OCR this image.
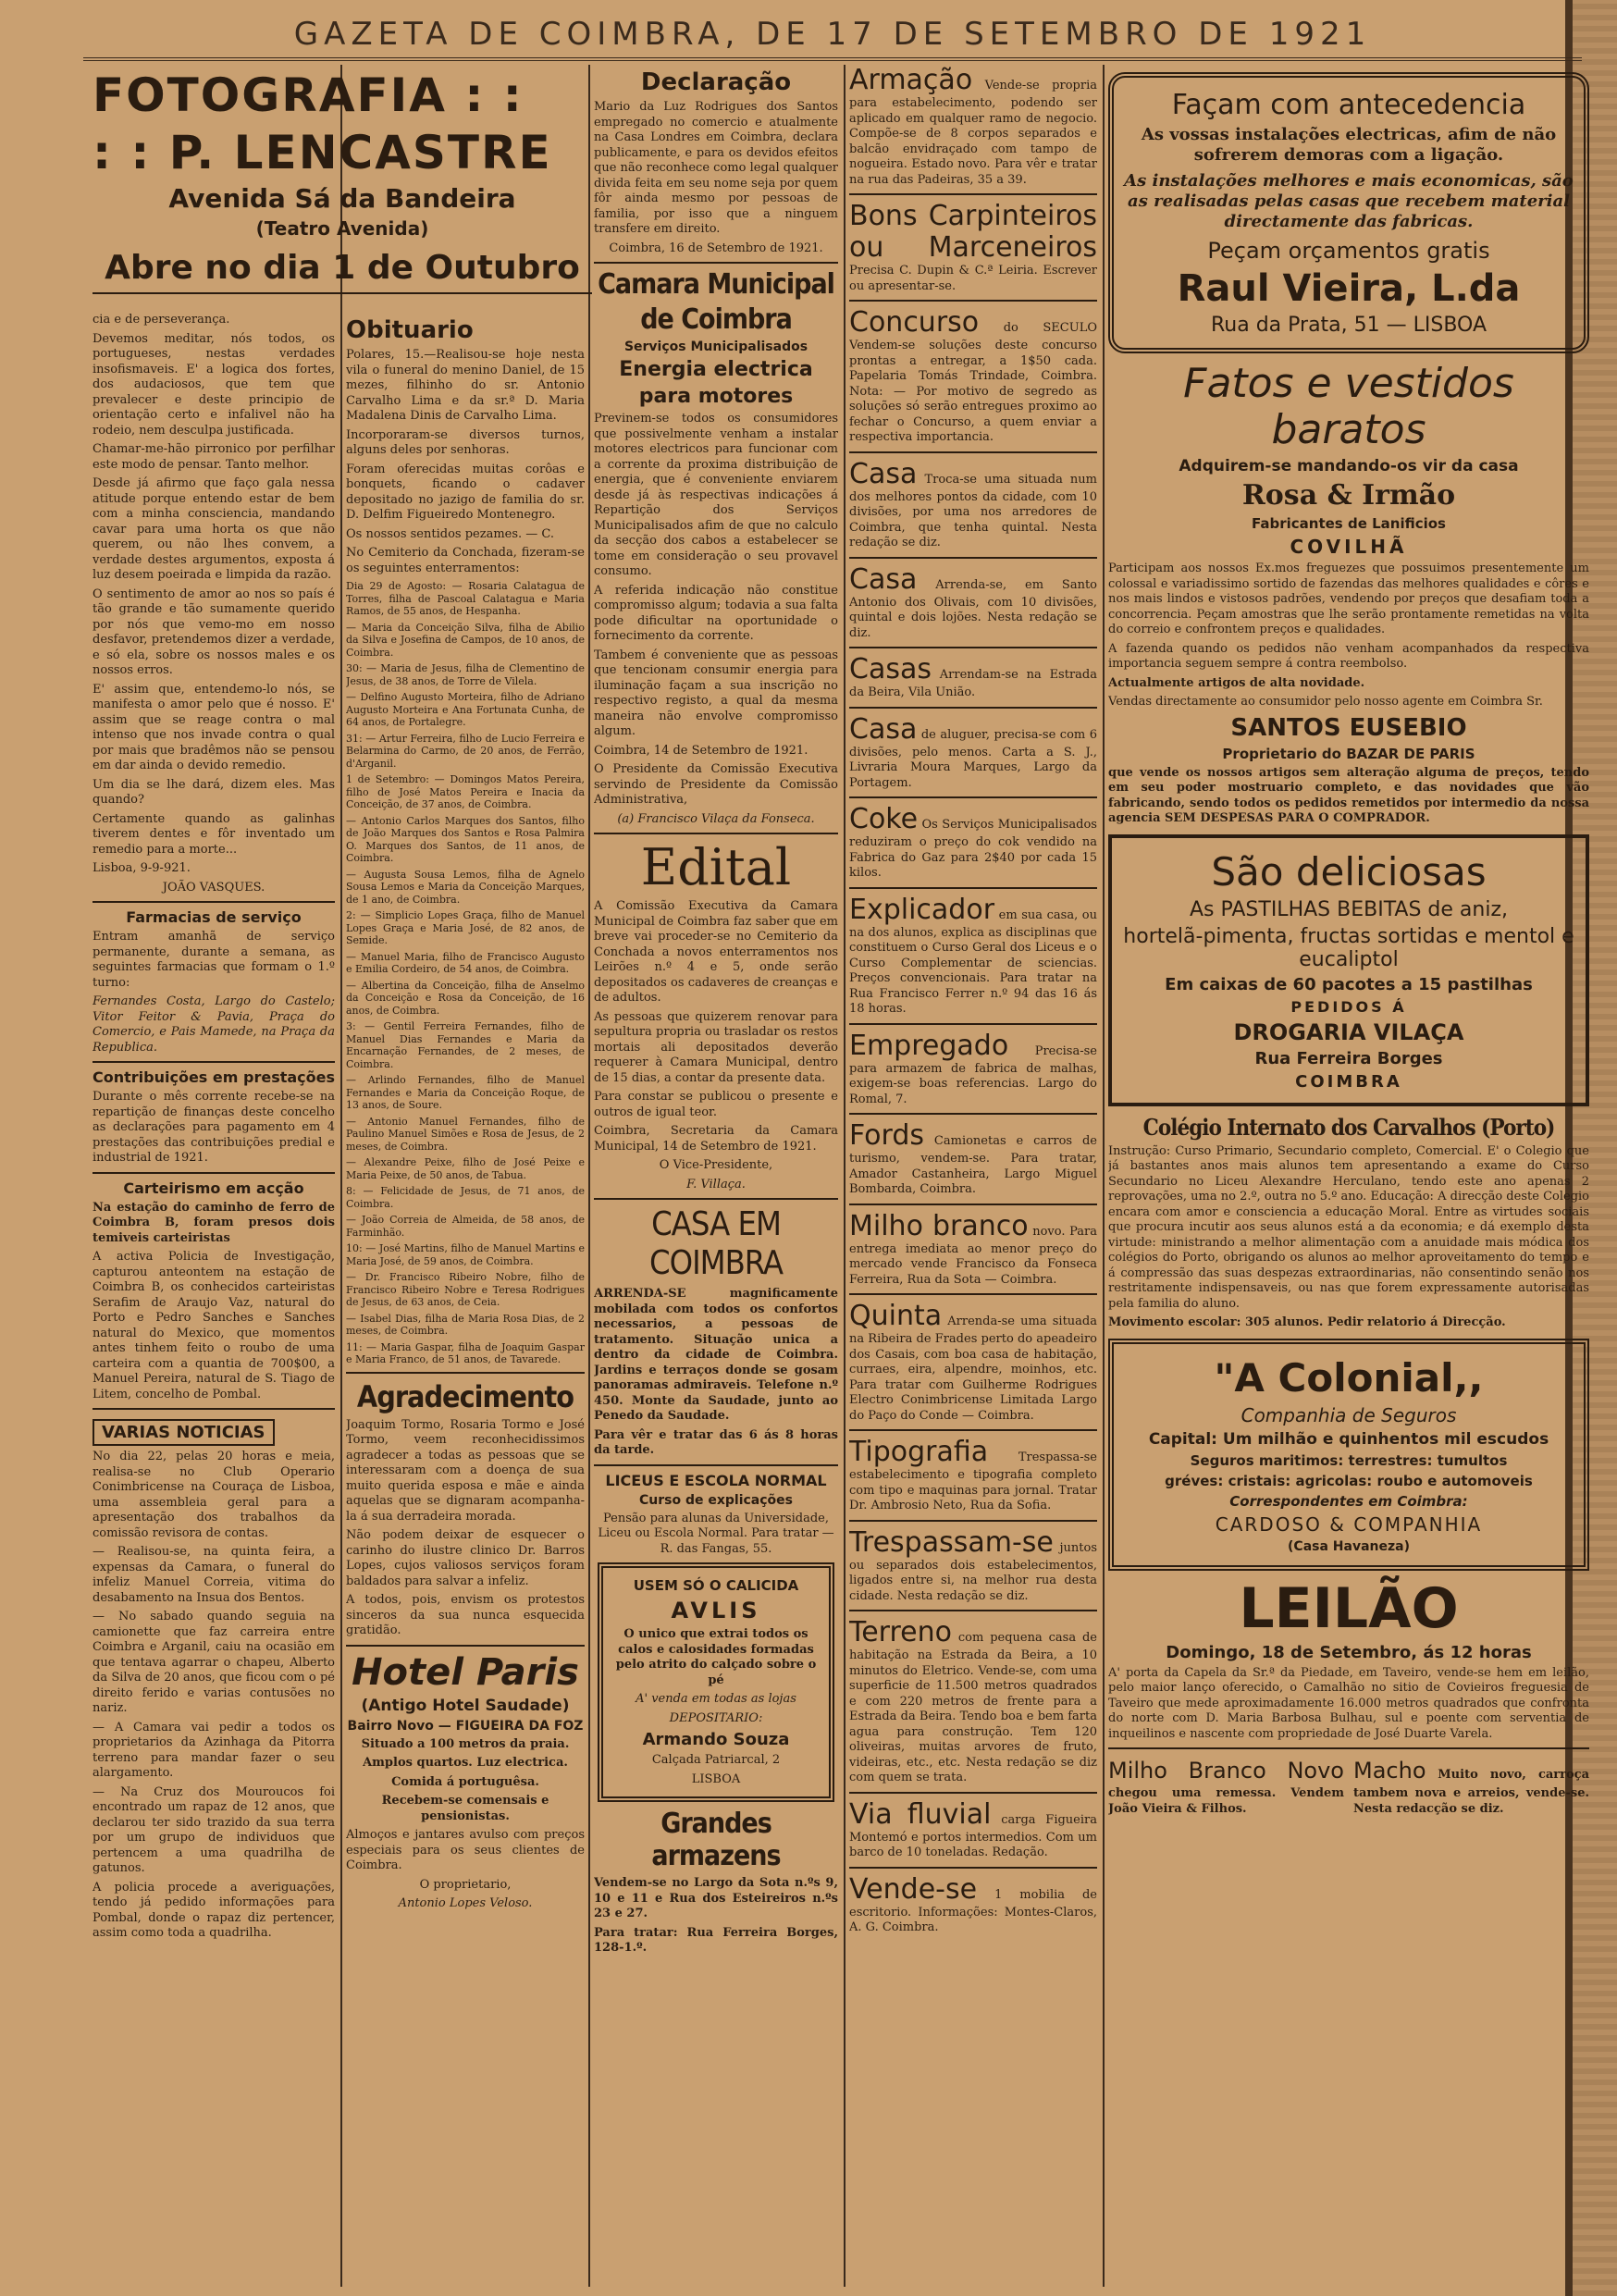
GAZETA DE COIMBRA, DE 17 DE SETEMBRO DE 1921
FOTOGRAFIA : :
: : P. LENCASTRE
Avenida Sá da Bandeira
(Teatro Avenida)
Abre no dia 1 de Outubro

cia e de perseverança.

Devemos meditar, nós todos, os portugueses, nestas verdades insofismaveis. E' a logica dos fortes, dos audaciosos, que tem que prevalecer e deste principio de orientação certo e infalivel não ha rodeio, nem desculpa justificada.

Chamar-me-hão pirronico por perfilhar este modo de pensar. Tanto melhor.

Desde já afirmo que faço gala nessa atitude porque entendo estar de bem com a minha consciencia, mandando cavar para uma horta os que não querem, ou não lhes convem, a verdade destes argumentos, exposta á luz desem poeirada e limpida da razão.

O sentimento de amor ao nos so país é tão grande e tão sumamente querido por nós que vemo-mo em nosso desfavor, pretendemos dizer a verdade, e só ela, sobre os nossos males e os nossos erros.

E' assim que, entendemo-lo nós, se manifesta o amor pelo que é nosso. E' assim que se reage contra o mal intenso que nos invade contra o qual por mais que bradêmos não se pensou em dar ainda o devido remedio.

Um dia se lhe dará, dizem eles. Mas quando?

Certamente quando as galinhas tiverem dentes e fôr inventado um remedio para a morte...

Lisboa, 9-9-921.

JOÃO VASQUES.

Farmacias de serviço

Entram amanhã de serviço permanente, durante a semana, as seguintes farmacias que formam o 1.º turno:

Fernandes Costa, Largo do Castelo; Vitor Feitor & Pavia, Praça do Comercio, e Pais Mamede, na Praça da Republica.

Contribuições em prestações

Durante o mês corrente recebe-se na repartição de finanças deste concelho as declarações para pagamento em 4 prestações das contribuições predial e industrial de 1921.

Carteirismo em acção

Na estação do caminho de ferro de Coimbra B, foram presos dois temiveis carteiristas

A activa Policia de Investigação, capturou anteontem na estação de Coimbra B, os conhecidos carteiristas Serafim de Araujo Vaz, natural do Porto e Pedro Sanches e Sanches natural do Mexico, que momentos antes tinhem feito o roubo de uma carteira com a quantia de 700$00, a Manuel Pereira, natural de S. Tiago de Litem, concelho de Pombal.

VARIAS NOTICIAS

No dia 22, pelas 20 horas e meia, realisa-se no Club Operario Conimbricense na Couraça de Lisboa, uma assembleia geral para a apresentação dos trabalhos da comissão revisora de contas.

— Realisou-se, na quinta feira, a expensas da Camara, o funeral do infeliz Manuel Correia, vitima do desabamento na Insua dos Bentos.

— No sabado quando seguia na camionette que faz carreira entre Coimbra e Arganil, caiu na ocasião em que tentava agarrar o chapeu, Alberto da Silva de 20 anos, que ficou com o pé direito ferido e varias contusões no nariz.

— A Camara vai pedir a todos os proprietarios da Azinhaga da Pitorra terreno para mandar fazer o seu alargamento.

— Na Cruz dos Mouroucos foi encontrado um rapaz de 12 anos, que declarou ter sido trazido da sua terra por um grupo de individuos que pertencem a uma quadrilha de gatunos.

A policia procede a averiguações, tendo já pedido informações para Pombal, donde o rapaz diz pertencer, assim como toda a quadrilha.

Obituario

Polares, 15.—Realisou-se hoje nesta vila o funeral do menino Daniel, de 15 mezes, filhinho do sr. Antonio Carvalho Lima e da sr.ª D. Maria Madalena Dinis de Carvalho Lima.

Incorporaram-se diversos turnos, alguns deles por senhoras.

Foram oferecidas muitas corôas e bonquets, ficando o cadaver depositado no jazigo de familia do sr. D. Delfim Figueiredo Montenegro.

Os nossos sentidos pezames. — C.

No Cemiterio da Conchada, fizeram-se os seguintes enterramentos:

Dia 29 de Agosto: — Rosaria Calatagua de Torres, filha de Pascoal Calatagua e Maria Ramos, de 55 anos, de Hespanha.

— Maria da Conceição Silva, filha de Abilio da Silva e Josefina de Campos, de 10 anos, de Coimbra.

30: — Maria de Jesus, filha de Clementino de Jesus, de 38 anos, de Torre de Vilela.

— Delfino Augusto Morteira, filho de Adriano Augusto Morteira e Ana Fortunata Cunha, de 64 anos, de Portalegre.

31: — Artur Ferreira, filho de Lucio Ferreira e Belarmina do Carmo, de 20 anos, de Ferrão, d'Arganil.

1 de Setembro: — Domingos Matos Pereira, filho de José Matos Pereira e Inacia da Conceição, de 37 anos, de Coimbra.

— Antonio Carlos Marques dos Santos, filho de João Marques dos Santos e Rosa Palmira O. Marques dos Santos, de 11 anos, de Coimbra.

— Augusta Sousa Lemos, filha de Agnelo Sousa Lemos e Maria da Conceição Marques, de 1 ano, de Coimbra.

2: — Simplicio Lopes Graça, filho de Manuel Lopes Graça e Maria José, de 82 anos, de Semide.

— Manuel Maria, filho de Francisco Augusto e Emilia Cordeiro, de 54 anos, de Coimbra.

— Albertina da Conceição, filha de Anselmo da Conceição e Rosa da Conceição, de 16 anos, de Coimbra.

3: — Gentil Ferreira Fernandes, filho de Manuel Dias Fernandes e Maria da Encarnação Fernandes, de 2 meses, de Coimbra.

— Arlindo Fernandes, filho de Manuel Fernandes e Maria da Conceição Roque, de 13 anos, de Soure.

— Antonio Manuel Fernandes, filho de Paulino Manuel Simões e Rosa de Jesus, de 2 meses, de Coimbra.

— Alexandre Peixe, filho de José Peixe e Maria Peixe, de 50 anos, de Tabua.

8: — Felicidade de Jesus, de 71 anos, de Coimbra.

— João Correia de Almeida, de 58 anos, de Farminhão.

10: — José Martins, filho de Manuel Martins e Maria José, de 59 anos, de Coimbra.

— Dr. Francisco Ribeiro Nobre, filho de Francisco Ribeiro Nobre e Teresa Rodrigues de Jesus, de 63 anos, de Ceia.

— Isabel Dias, filha de Maria Rosa Dias, de 2 meses, de Coimbra.

11: — Maria Gaspar, filha de Joaquim Gaspar e Maria Franco, de 51 anos, de Tavarede.

Agradecimento

Joaquim Tormo, Rosaria Tormo e José Tormo, veem reconhecidissimos agradecer a todas as pessoas que se interessaram com a doença de sua muito querida esposa e mãe e ainda aquelas que se dignaram acompanha-la á sua derradeira morada.

Não podem deixar de esquecer o carinho do ilustre clinico Dr. Barros Lopes, cujos valiosos serviços foram baldados para salvar a infeliz.

A todos, pois, envism os protestos sinceros da sua nunca esquecida gratidão.

Hotel Paris
(Antigo Hotel Saudade)
Bairro Novo — FIGUEIRA DA FOZ

Situado a 100 metros da praia.

Amplos quartos. Luz electrica.

Comida á portuguêsa.

Recebem-se comensais e pensionistas.

Almoços e jantares avulso com preços especiais para os seus clientes de Coimbra.

O proprietario,

Antonio Lopes Veloso.

Declaração

Mario da Luz Rodrigues dos Santos empregado no comercio e atualmente na Casa Londres em Coimbra, declara publicamente, e para os devidos efeitos que não reconhece como legal qualquer divida feita em seu nome seja por quem fôr ainda mesmo por pessoas de familia, por isso que a ninguem transfere em direito.

Coimbra, 16 de Setembro de 1921.

Camara Municipal
de Coimbra
Serviços Municipalisados
Energia electrica
para motores

Previnem-se todos os consumidores que possivelmente venham a instalar motores electricos para funcionar com a corrente da proxima distribuição de energia, que é conveniente enviarem desde já às respectivas indicações á Repartição dos Serviços Municipalisados afim de que no calculo da secção dos cabos a estabelecer se tome em consideração o seu provavel consumo.

A referida indicação não constitue compromisso algum; todavia a sua falta pode dificultar na oportunidade o fornecimento da corrente.

Tambem é conveniente que as pessoas que tencionam consumir energia para iluminação façam a sua inscrição no respectivo registo, a qual da mesma maneira não envolve compromisso algum.

Coimbra, 14 de Setembro de 1921.

O Presidente da Comissão Executiva servindo de Presidente da Comissão Administrativa,

(a) Francisco Vilaça da Fonseca.

Edital

A Comissão Executiva da Camara Municipal de Coimbra faz saber que em breve vai proceder-se no Cemiterio da Conchada a novos enterramentos nos Leirões n.º 4 e 5, onde serão depositados os cadaveres de creanças e de adultos.

As pessoas que quizerem renovar para sepultura propria ou trasladar os restos mortais ali depositados deverão requerer à Camara Municipal, dentro de 15 dias, a contar da presente data.

Para constar se publicou o presente e outros de igual teor.

Coimbra, Secretaria da Camara Municipal, 14 de Setembro de 1921.

O Vice-Presidente,

F. Villaça.

CASA EM COIMBRA

ARRENDA-SE magnificamente mobilada com todos os confortos necessarios, a pessoas de tratamento. Situação unica a dentro da cidade de Coimbra. Jardins e terraços donde se gosam panoramas admiraveis. Telefone n.º 450. Monte da Saudade, junto ao Penedo da Saudade.

Para vêr e tratar das 6 ás 8 horas da tarde.

LICEUS E ESCOLA NORMAL
Curso de explicações

Pensão para alunas da Universidade, Liceu ou Escola Normal. Para tratar — R. das Fangas, 55.

USEM SÓ O CALICIDA
AVLIS

O unico que extrai todos os calos e calosidades formadas pelo atrito do calçado sobre o pé

A' venda em todas as lojas

DEPOSITARIO:

Armando Souza

Calçada Patriarcal, 2

LISBOA

Grandes armazens

Vendem-se no Largo da Sota n.ºs 9, 10 e 11 e Rua dos Esteireiros n.ºs 23 e 27.

Para tratar: Rua Ferreira Borges, 128-1.º.

Armação Vende-se propria para estabelecimento, podendo ser aplicado em qualquer ramo de negocio. Compõe-se de 8 corpos separados e balcão envidraçado com tampo de nogueira. Estado novo. Para vêr e tratar na rua das Padeiras, 35 a 39.

Bons Carpinteiros ou Marceneiros Precisa C. Dupin & C.ª Leiria. Escrever ou apresentar-se.

Concurso do SECULO Vendem-se soluções deste concurso prontas a entregar, a 1$50 cada. Papelaria Tomás Trindade, Coimbra. Nota: — Por motivo de segredo as soluções só serão entregues proximo ao fechar o Concurso, a quem enviar a respectiva importancia.

Casa Troca-se uma situada num dos melhores pontos da cidade, com 10 divisões, por uma nos arredores de Coimbra, que tenha quintal. Nesta redação se diz.

Casa Arrenda-se, em Santo Antonio dos Olivais, com 10 divisões, quintal e dois lojões. Nesta redação se diz.

Casas Arrendam-se na Estrada da Beira, Vila União.

Casa de aluguer, precisa-se com 6 divisões, pelo menos. Carta a S. J., Livraria Moura Marques, Largo da Portagem.

Coke Os Serviços Municipalisados reduziram o preço do cok vendido na Fabrica do Gaz para 2$40 por cada 15 kilos.

Explicador em sua casa, ou na dos alunos, explica as disciplinas que constituem o Curso Geral dos Liceus e o Curso Complementar de sciencias. Preços convencionais. Para tratar na Rua Francisco Ferrer n.º 94 das 16 ás 18 horas.

Empregado Precisa-se para armazem de fabrica de malhas, exigem-se boas referencias. Largo do Romal, 7.

Fords Camionetas e carros de turismo, vendem-se. Para tratar, Amador Castanheira, Largo Miguel Bombarda, Coimbra.

Milho branco novo. Para entrega imediata ao menor preço do mercado vende Francisco da Fonseca Ferreira, Rua da Sota — Coimbra.

Quinta Arrenda-se uma situada na Ribeira de Frades perto do apeadeiro dos Casais, com boa casa de habitação, curraes, eira, alpendre, moinhos, etc. Para tratar com Guilherme Rodrigues Electro Conimbricense Limitada Largo do Paço do Conde — Coimbra.

Tipografia	Trespassa-se estabelecimento e tipografia completo com tipo e maquinas para jornal. Tratar Dr. Ambrosio Neto, Rua da Sofia.

Trespassam-se juntos ou separados dois estabelecimentos, ligados entre si, na melhor rua desta cidade. Nesta redação se diz.

Terreno com pequena casa de habitação na Estrada da Beira, a 10 minutos do Eletrico. Vende-se, com uma superficie de 11.500 metros quadrados e com 220 metros de frente para a Estrada da Beira. Tendo boa e bem farta agua para construção. Tem 120 oliveiras, muitas arvores de fruto, videiras, etc., etc. Nesta redação se diz com quem se trata.

Via fluvial carga Figueira Montemó e portos intermedios. Com um barco de 10 toneladas. Redação.

Vende-se 1 mobilia de escritorio. Informações: Montes-Claros, A. G. Coimbra.

Façam com antecedencia

As vossas instalações electricas, afim de não sofrerem demoras com a ligação.

As instalações melhores e mais economicas, são as realisadas pelas casas que recebem material directamente das fabricas.

Peçam orçamentos gratis
Raul Vieira, L.da
Rua da Prata, 51 — LISBOA
Fatos e vestidos baratos
Adquirem-se mandando-os vir da casa
Rosa & Irmão
Fabricantes de Lanificios
COVILHÃ

Participam aos nossos Ex.mos freguezes que possuimos presentemente um colossal e variadissimo sortido de fazendas das melhores qualidades e côres e nos mais lindos e vistosos padrões, vendendo por preços que desafiam toda a concorrencia. Peçam amostras que lhe serão prontamente remetidas na volta do correio e confrontem preços e qualidades.

A fazenda quando os pedidos não venham acompanhados da respectiva importancia seguem sempre á contra reembolso.

Actualmente artigos de alta novidade.

Vendas directamente ao consumidor pelo nosso agente em Coimbra Sr.

SANTOS EUSEBIO
Proprietario do BAZAR DE PARIS

que vende os nossos artigos sem alteração alguma de preços, tendo em seu poder mostruario completo, e das novidades que vão fabricando, sendo todos os pedidos remetidos por intermedio da nossa agencia SEM DESPESAS PARA O COMPRADOR.

São deliciosas
As PASTILHAS BEBITAS de aniz,
hortelã-pimenta, fructas sortidas e mentol e eucaliptol
Em caixas de 60 pacotes a 15 pastilhas
PEDIDOS Á
DROGARIA VILAÇA
Rua Ferreira Borges
COIMBRA
Colégio Internato dos Carvalhos (Porto)

Instrução: Curso Primario, Secundario completo, Comercial. E' o Colegio que já bastantes anos mais alunos tem apresentando a exame do Curso Secundario no Liceu Alexandre Herculano, tendo este ano apenas 2 reprovações, uma no 2.º, outra no 5.º ano. Educação: A direcção deste Colegio encara com amor e consciencia a educação Moral. Entre as virtudes sociais que procura incutir aos seus alunos está a da economia; e dá exemplo desta virtude: ministrando a melhor alimentação com a anuidade mais módica dos colégios do Porto, obrigando os alunos ao melhor aproveitamento do tempo e á compressão das suas despezas extraordinarias, não consentindo senão nos restritamente indispensaveis, ou nas que forem expressamente autorisadas pela familia do aluno.

Movimento escolar: 305 alunos. Pedir relatorio á Direcção.

"A Colonial,,
Companhia de Seguros
Capital: Um milhão e quinhentos mil escudos
Seguros maritimos: terrestres: tumultos
gréves: cristais: agricolas: roubo e automoveis
Correspondentes em Coimbra:
CARDOSO & COMPANHIA
(Casa Havaneza)
LEILÃO
Domingo, 18 de Setembro, ás 12 horas

A' porta da Capela da Sr.ª da Piedade, em Taveiro, vende-se hem em leilão, pelo maior lanço oferecido, o Camalhão no sitio de Covieiros freguesia de Taveiro que mede aproximadamente 16.000 metros quadrados que confronta do norte com D. Maria Barbosa Bulhau, sul e poente com serventia de inqueilinos e nascente com propriedade de José Duarte Varela.

Milho Branco Novo chegou uma remessa. Vendem João Vieira & Filhos.

Macho Muito novo, carroça tambem nova e arreios, vende-se. Nesta redacção se diz.
